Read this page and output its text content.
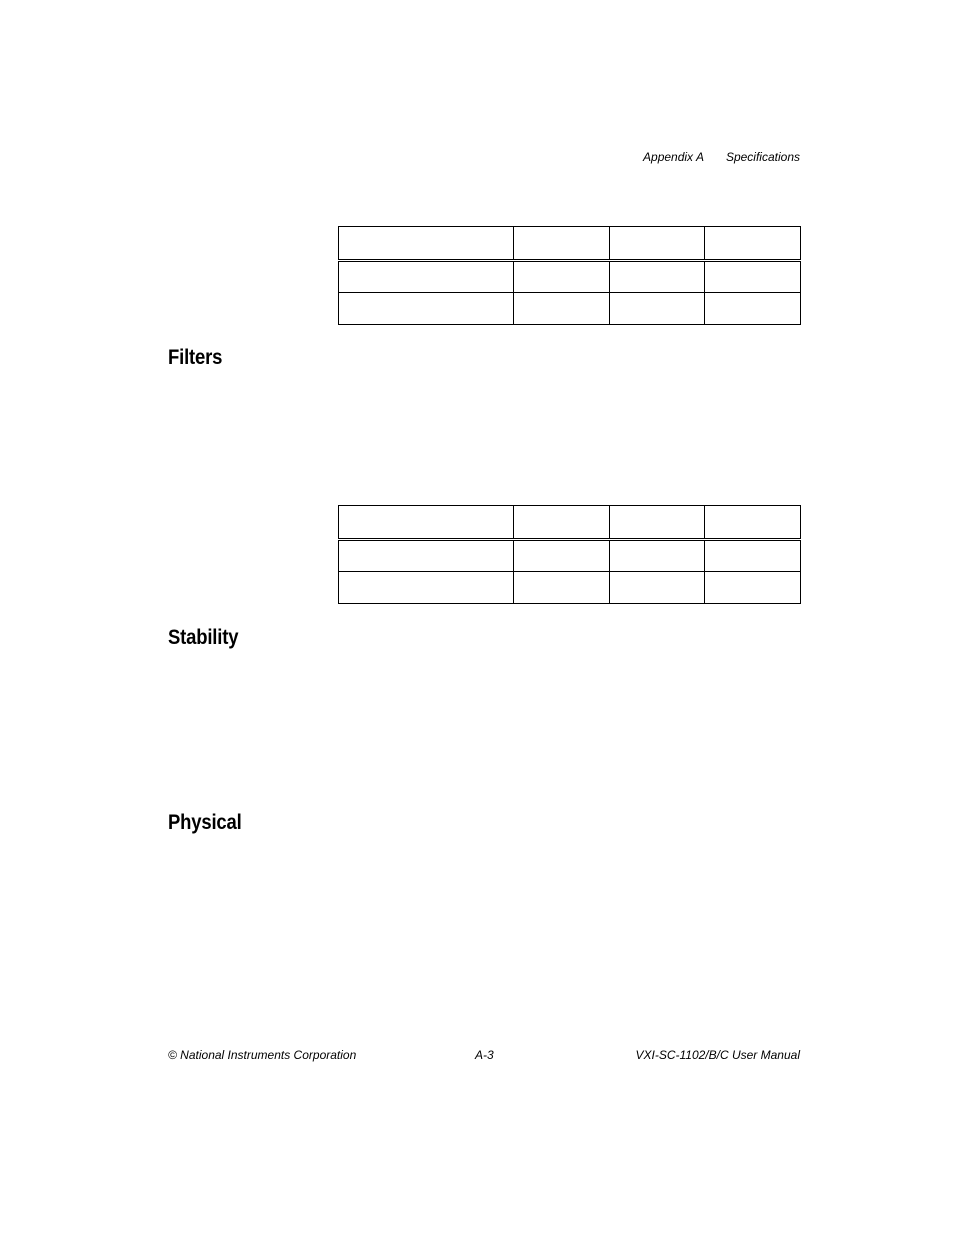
Appendix A Specifications

Filters

Stability
Physical
© National Instruments Corporation	A-3	VXI-SC-1102/B/C User Manual
